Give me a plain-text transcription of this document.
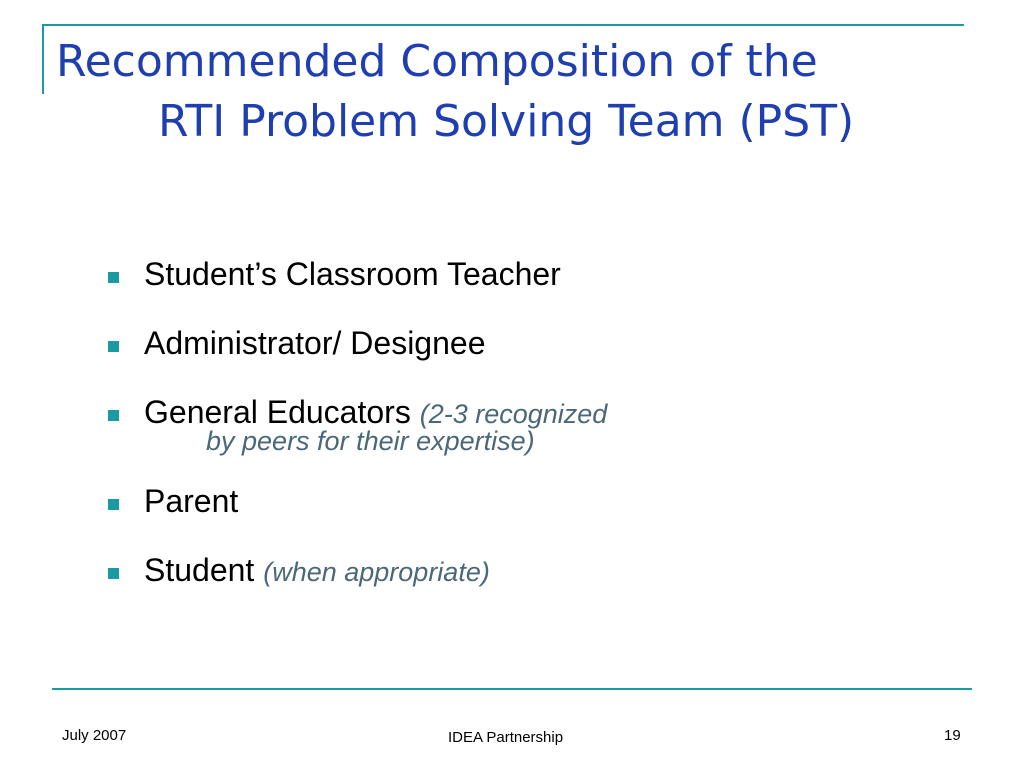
Recommended Composition of the
RTI Problem Solving Team (PST)
Student’s Classroom Teacher
Administrator/ Designee
General Educators (2-3 recognized
by peers for their expertise)
Parent
Student (when appropriate)
July 2007	IDEA Partnership	19
